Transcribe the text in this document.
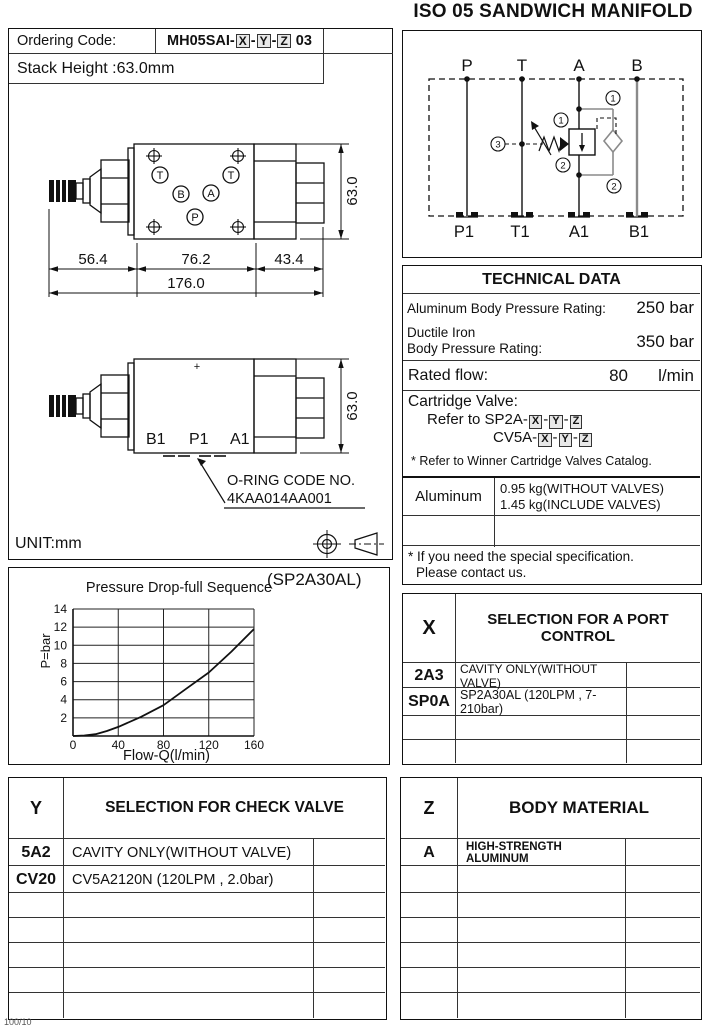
ISO 05 SANDWICH MANIFOLD
Ordering Code:	MH05SAI- X - Y - Z 03
Stack Height :63.0mm
T	T
B A
P
56.4	76.2	43.4
176.0
63.0
+
B1 P1 A1
O-RING CODE NO.
4KAA014AA001
63.0
UNIT:mm
P	T	A	B
1
1
2
2
3
P1 T1 A1 B1
TECHNICAL DATA
Aluminum Body Pressure Rating: 250 bar
Ductile Iron
Body Pressure Rating:	350 bar
Rated flow:	80 l/min
Cartridge Valve:
Refer to SP2A- X - Y - Z
CV5A- X - Y - Z
* Refer to Winner Cartridge Valves Catalog.
Aluminum	0.95 kg(WITHOUT VALVES)
1.45 kg(INCLUDE VALVES)
* If you need the special specification.
Please contact us.
Pressure Drop-full Sequence
(SP2A30AL)
0	40	80 120 160
2
4
6
8
10
12
14
P=bar
Flow-Q(l/min)
X	SELECTION FOR A PORT CONTROL
2A3	CAVITY ONLY(WITHOUT VALVE)
SP0A SP2A30AL (120LPM , 7-210bar)
Y	SELECTION FOR CHECK VALVE
5A2	CAVITY ONLY(WITHOUT VALVE)
CV20	CV5A2120N (120LPM , 2.0bar)
Z	BODY MATERIAL
A	HIGH-STRENGTH ALUMINUM
100/10
